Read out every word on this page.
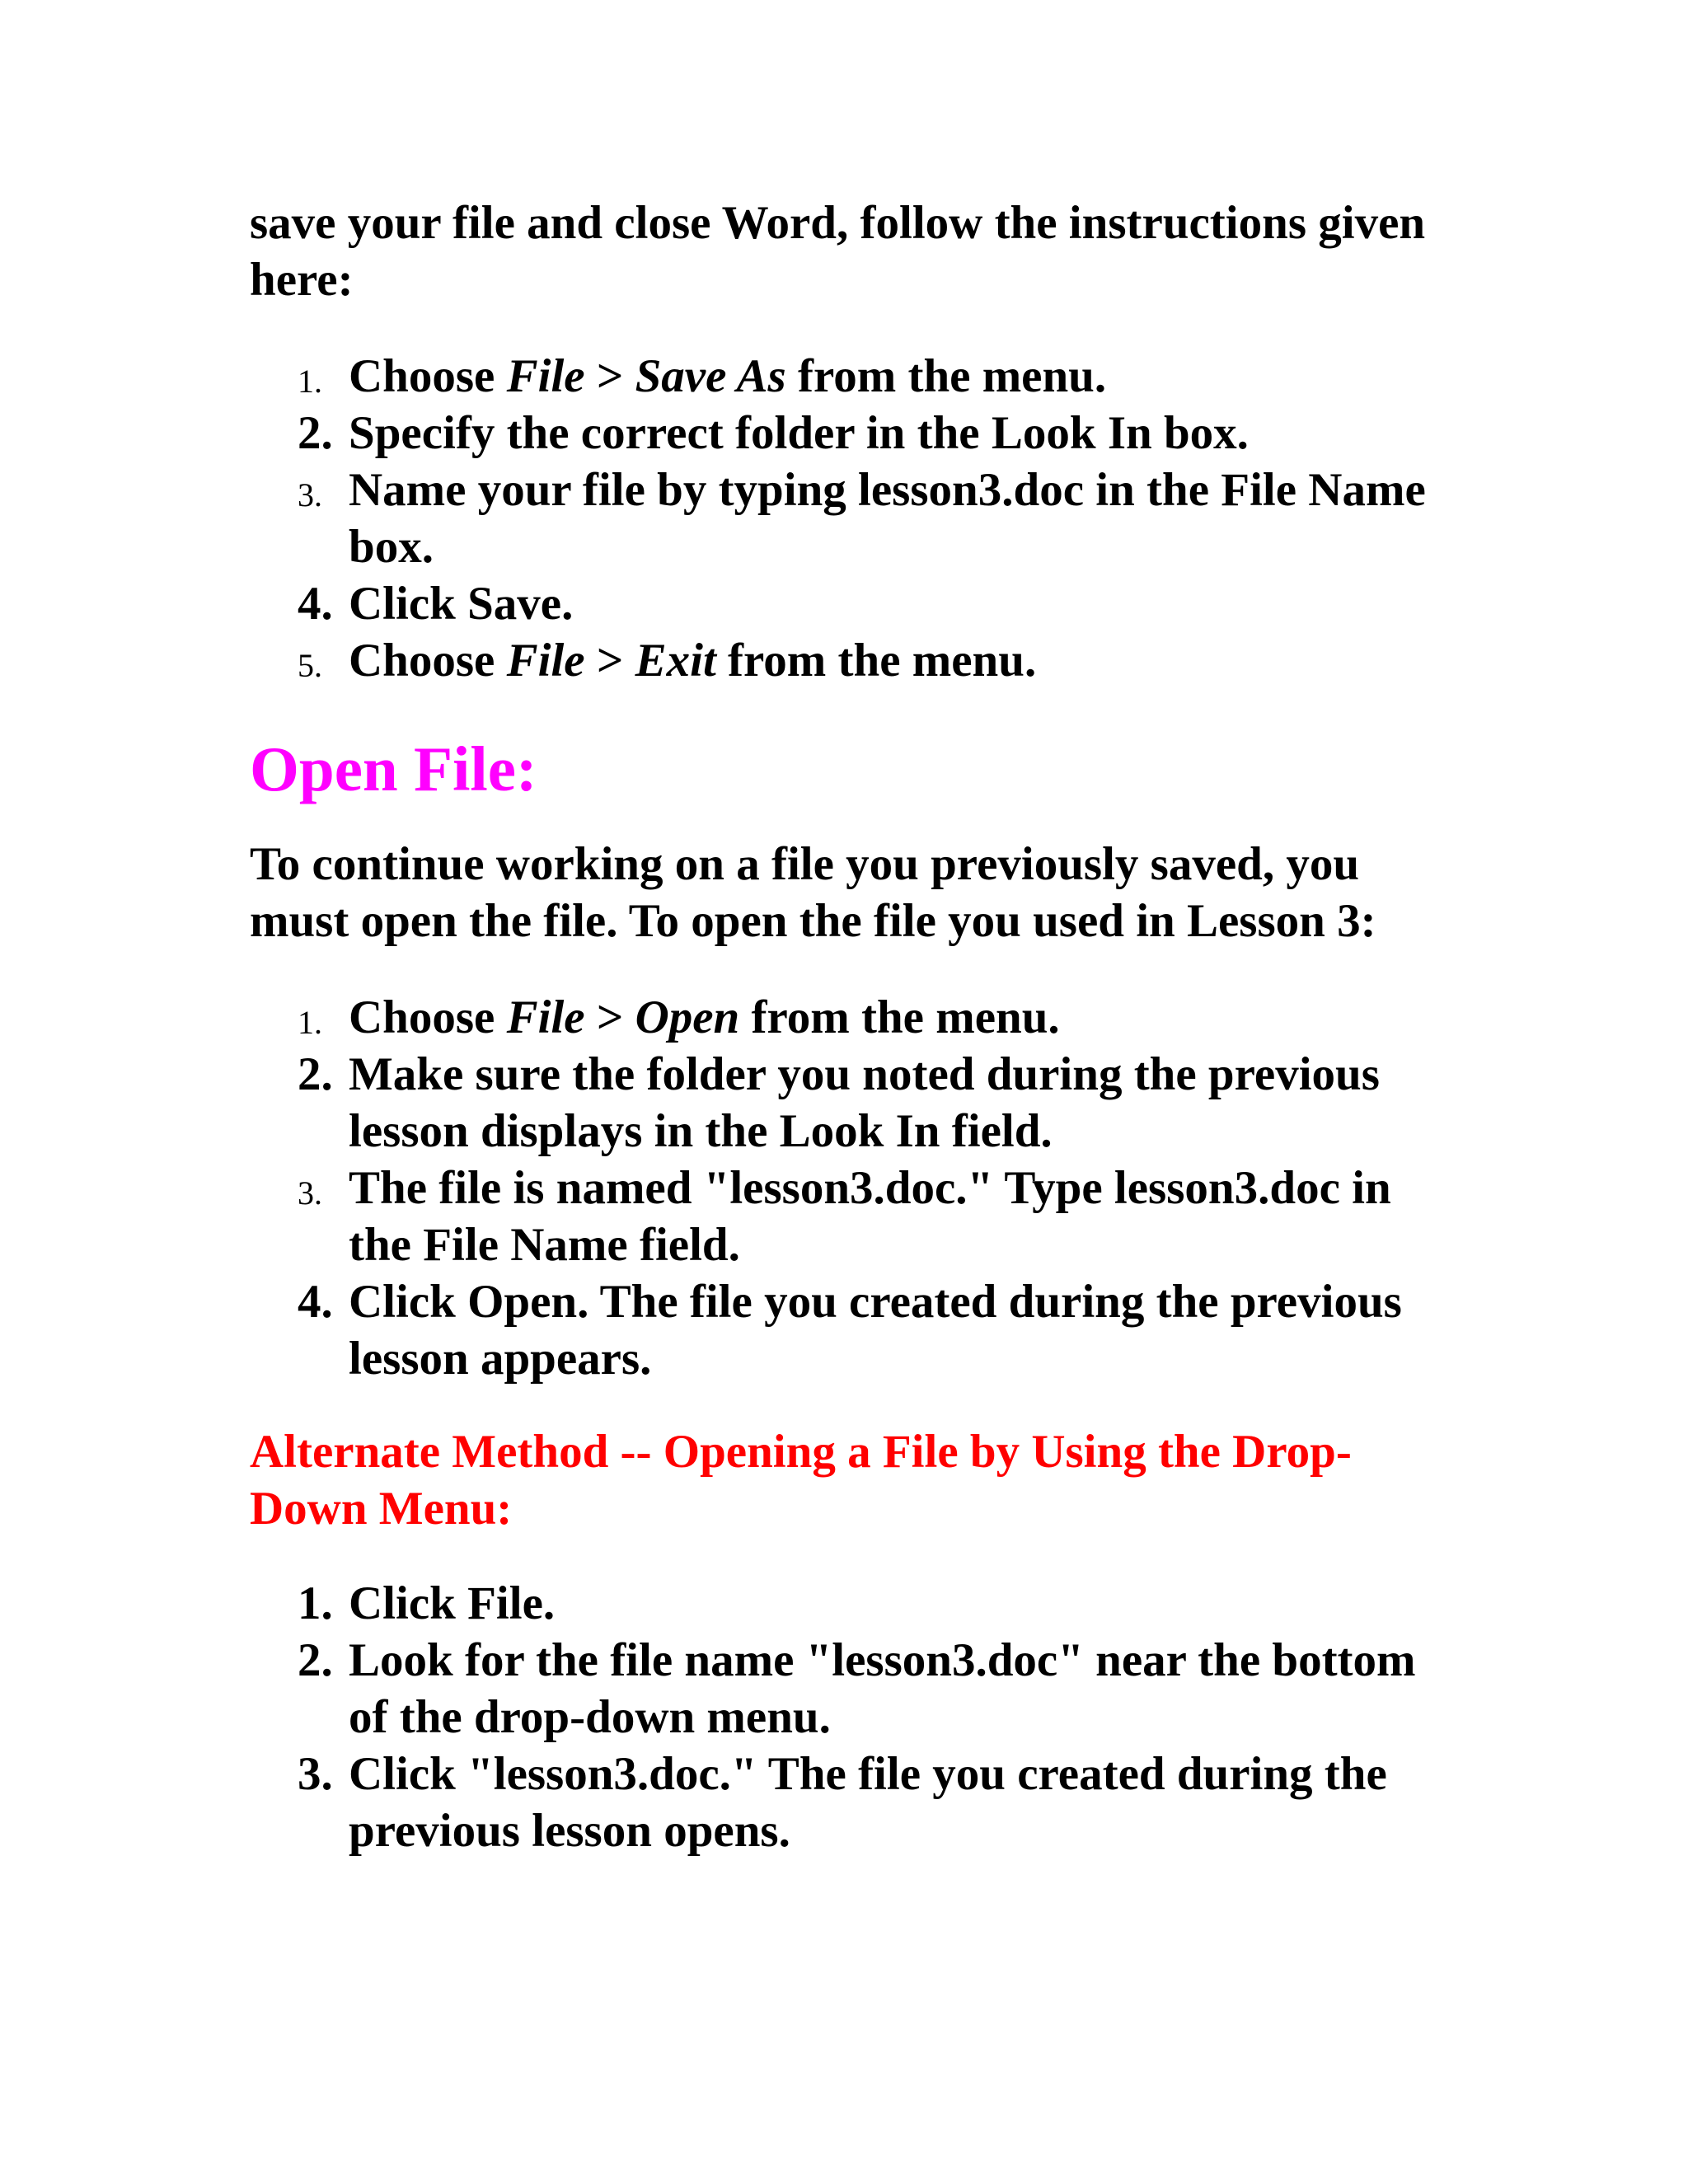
save your file and close Word, follow the instructions given here:

1. Choose File > Save As from the menu.
2. Specify the correct folder in the Look In box.
3. Name your file by typing lesson3.doc in the File Name box.
4. Click Save.
5. Choose File > Exit from the menu.
Open File:

To continue working on a file you previously saved, you must open the file. To open the file you used in Lesson 3:

1. Choose File > Open from the menu.
2. Make sure the folder you noted during the previous lesson displays in the Look In field.
3. The file is named "lesson3.doc." Type lesson3.doc in the File Name field.
4. Click Open. The file you created during the previous lesson appears.
Alternate Method -- Opening a File by Using the Drop-Down Menu:
1. Click File.
2. Look for the file name "lesson3.doc" near the bottom of the drop-down menu.
3. Click "lesson3.doc." The file you created during the previous lesson opens.
